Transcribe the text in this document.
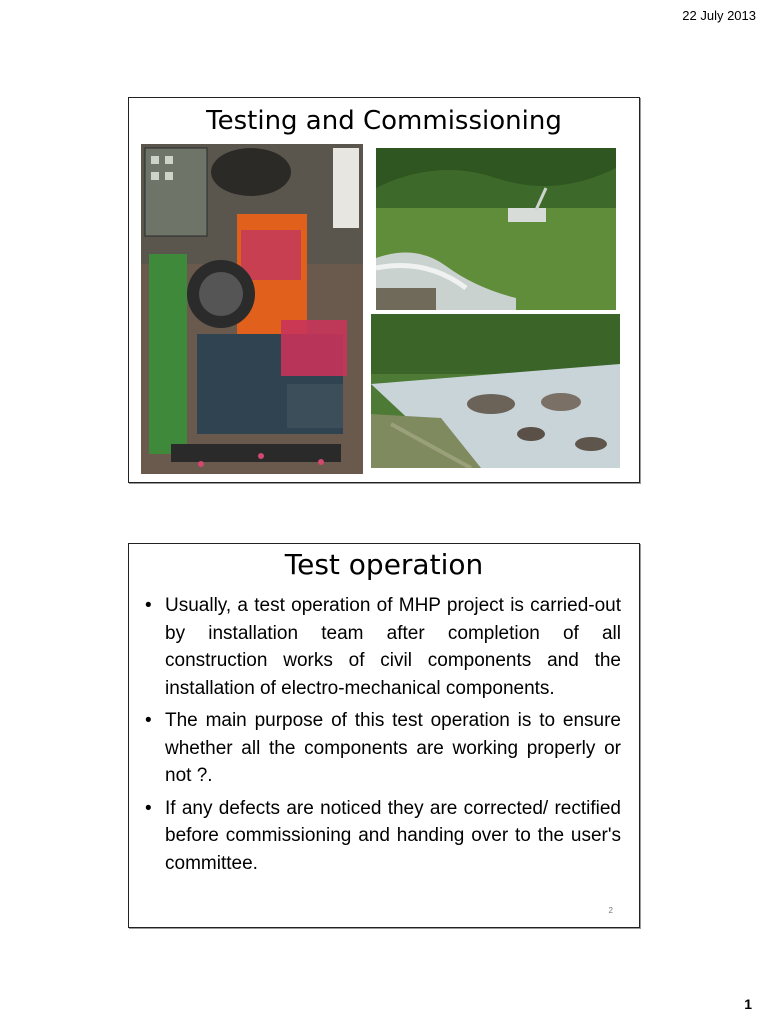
22 July 2013
Testing and Commissioning
Test operation
• Usually, a test operation of MHP project is carried-out by installation team after completion of all construction works of civil components and the installation of electro-mechanical components.
• The main purpose of this test operation is to ensure whether all the components are working properly or not ?.
• If any defects are noticed they are corrected/ rectified before commissioning and handing over to the user's committee.
2
1
